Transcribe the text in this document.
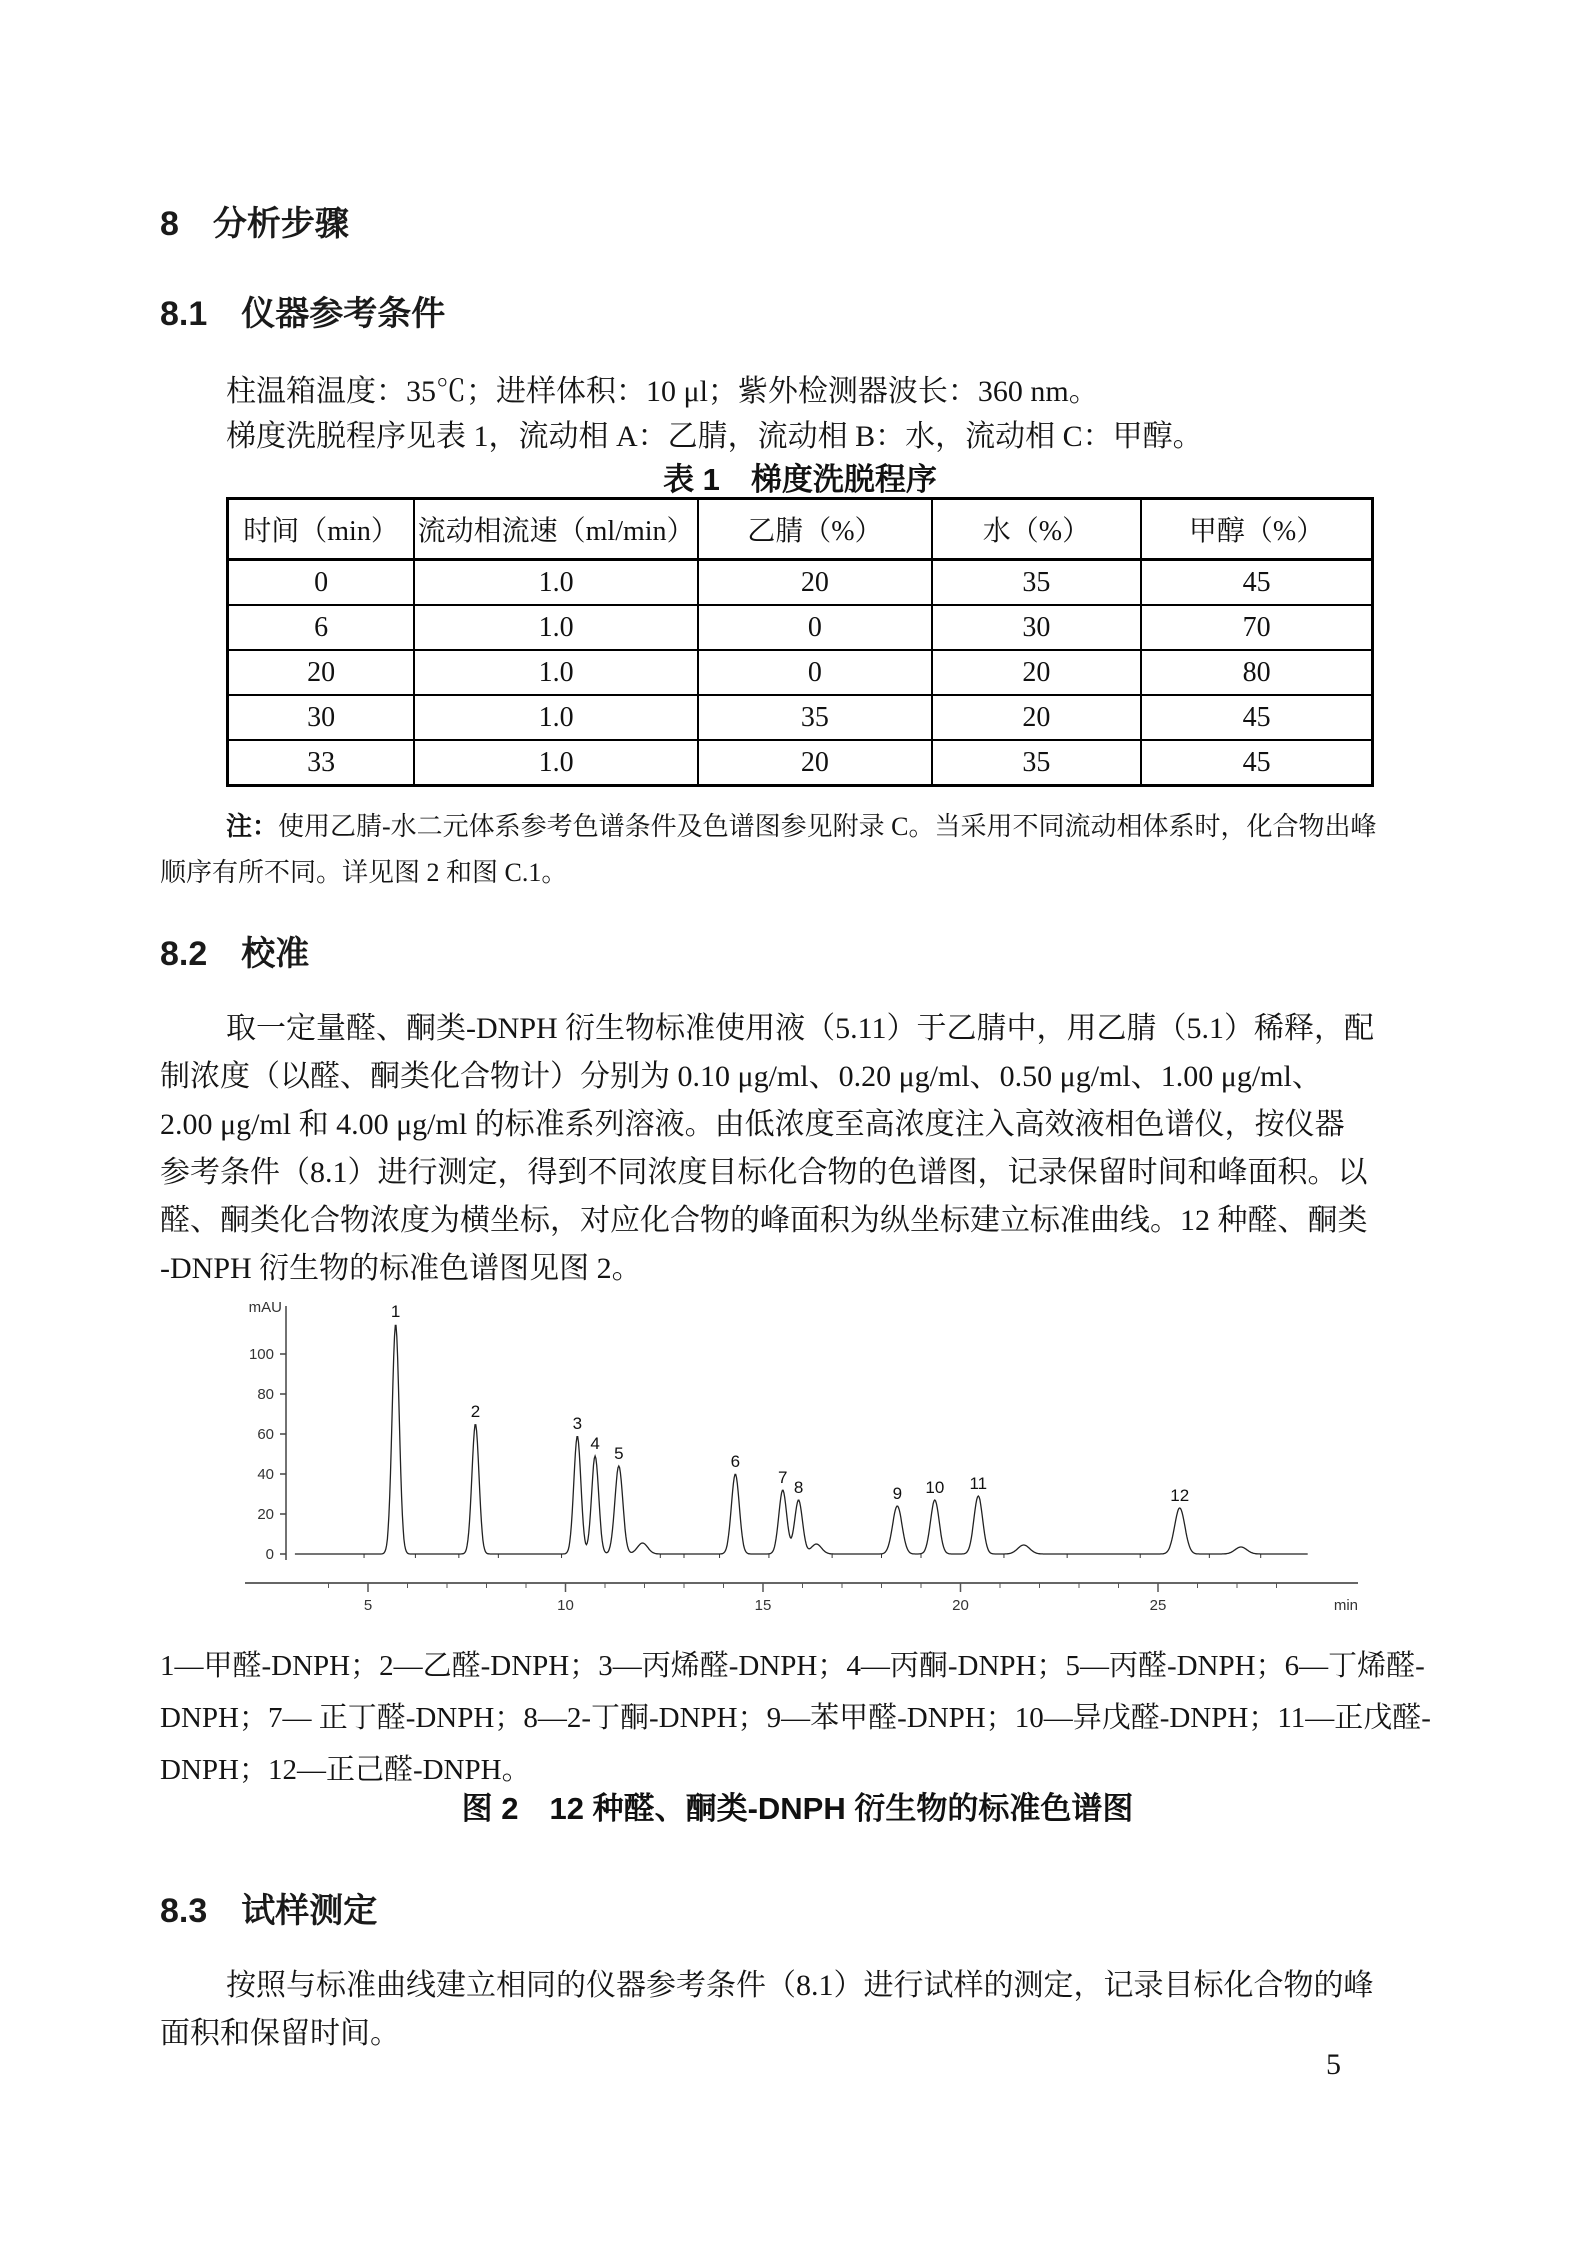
8　分析步骤
8.1　仪器参考条件
柱温箱温度：35℃；进样体积：10 μl；紫外检测器波长：360 nm。
梯度洗脱程序见表 1，流动相 A：乙腈，流动相 B：水，流动相 C：甲醇。
表 1　梯度洗脱程序
时间（min）	流动相流速（ml/min）	乙腈（%）	水（%）	甲醇（%）
0	1.0	20	35	45
6	1.0	0	30	70
20	1.0	0	20	80
30	1.0	35	20	45
33	1.0	20	35	45
注：使用乙腈-水二元体系参考色谱条件及色谱图参见附录 C。当采用不同流动相体系时，化合物出峰
顺序有所不同。详见图 2 和图 C.1。
8.2　校准
取一定量醛、酮类-DNPH 衍生物标准使用液（5.11）于乙腈中，用乙腈（5.1）稀释，配
制浓度（以醛、酮类化合物计）分别为 0.10 μg/ml、0.20 μg/ml、0.50 μg/ml、1.00 μg/ml、
2.00 μg/ml 和 4.00 μg/ml 的标准系列溶液。由低浓度至高浓度注入高效液相色谱仪，按仪器
参考条件（8.1）进行测定，得到不同浓度目标化合物的色谱图，记录保留时间和峰面积。以
醛、酮类化合物浓度为横坐标，对应化合物的峰面积为纵坐标建立标准曲线。12 种醛、酮类
-DNPH 衍生物的标准色谱图见图 2。
0
20
40
60
80
100
mAU
5	10	15	20	25	min
1
2
3
4
5	6
7
8	9 10 11
12
1—甲醛-DNPH；2—乙醛-DNPH；3—丙烯醛-DNPH；4—丙酮-DNPH；5—丙醛-DNPH；6—丁烯醛-
DNPH；7— 正丁醛-DNPH；8—2-丁酮-DNPH；9—苯甲醛-DNPH；10—异戊醛-DNPH；11—正戊醛-
DNPH；12—正己醛-DNPH。
图 2　12 种醛、酮类-DNPH 衍生物的标准色谱图
8.3　试样测定
按照与标准曲线建立相同的仪器参考条件（8.1）进行试样的测定，记录目标化合物的峰
面积和保留时间。
5
